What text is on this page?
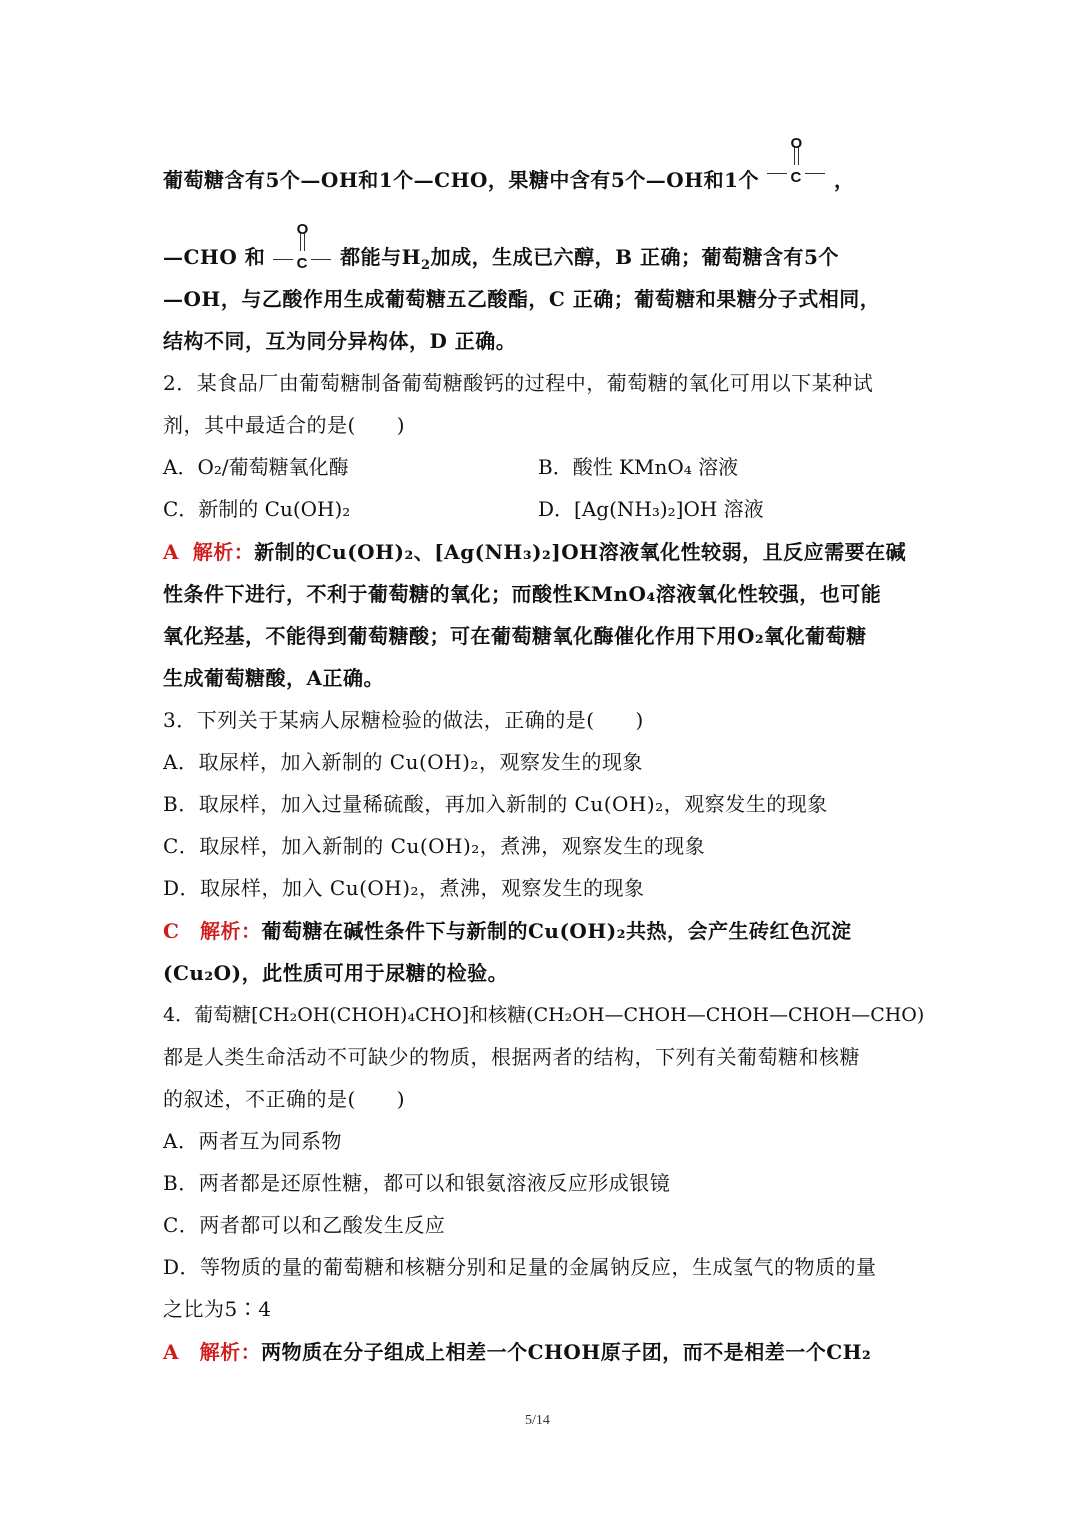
葡萄糖含有5个—OH和1个—CHO，果糖中含有5个—OH和1个 $\frac{O}{C}$ ，
—CHO 和 $\frac{O}{C}$ 都能与$H_2$加成，生成已六醇，B 正确；葡萄糖含有5个
—OH，与乙酸作用生成葡萄糖五乙酸酯，C 正确；葡萄糖和果糖分子式相同，
结构不同，互为同分异构体，D 正确。
2．某食品厂由葡萄糖制备葡萄糖酸钙的过程中，葡萄糖的氧化可用以下某种试
剂，其中最适合的是(　　)
A．O₂/葡萄糖氧化酶	B．酸性 KMnO₄ 溶液
C．新制的 Cu(OH)₂	D．[Ag(NH₃)₂]OH 溶液
A 解析：新制的Cu(OH)₂、[Ag(NH₃)₂]OH溶液氧化性较弱，且反应需要在碱
性条件下进行，不利于葡萄糖的氧化；而酸性KMnO₄溶液氧化性较强，也可能
氧化羟基，不能得到葡萄糖酸；可在葡萄糖氧化酶催化作用下用O₂氧化葡萄糖
生成葡萄糖酸，A正确。
3．下列关于某病人尿糖检验的做法，正确的是(　　)
A．取尿样，加入新制的 Cu(OH)₂，观察发生的现象
B．取尿样，加入过量稀硫酸，再加入新制的 Cu(OH)₂，观察发生的现象
C．取尿样，加入新制的 Cu(OH)₂，煮沸，观察发生的现象
D．取尿样，加入 Cu(OH)₂，煮沸，观察发生的现象
C 解析：葡萄糖在碱性条件下与新制的Cu(OH)₂共热，会产生砖红色沉淀
(Cu₂O)，此性质可用于尿糖的检验。
4．葡萄糖[CH₂OH(CHOH)₄CHO]和核糖(CH₂OH—CHOH—CHOH—CHOH—CHO)
都是人类生命活动不可缺少的物质，根据两者的结构，下列有关葡萄糖和核糖
的叙述，不正确的是(　　)
A．两者互为同系物
B．两者都是还原性糖，都可以和银氨溶液反应形成银镜
C．两者都可以和乙酸发生反应
D．等物质的量的葡萄糖和核糖分别和足量的金属钠反应，生成氢气的物质的量
之比为5∶4
A 解析：两物质在分子组成上相差一个CHOH原子团，而不是相差一个CH₂
5/14
